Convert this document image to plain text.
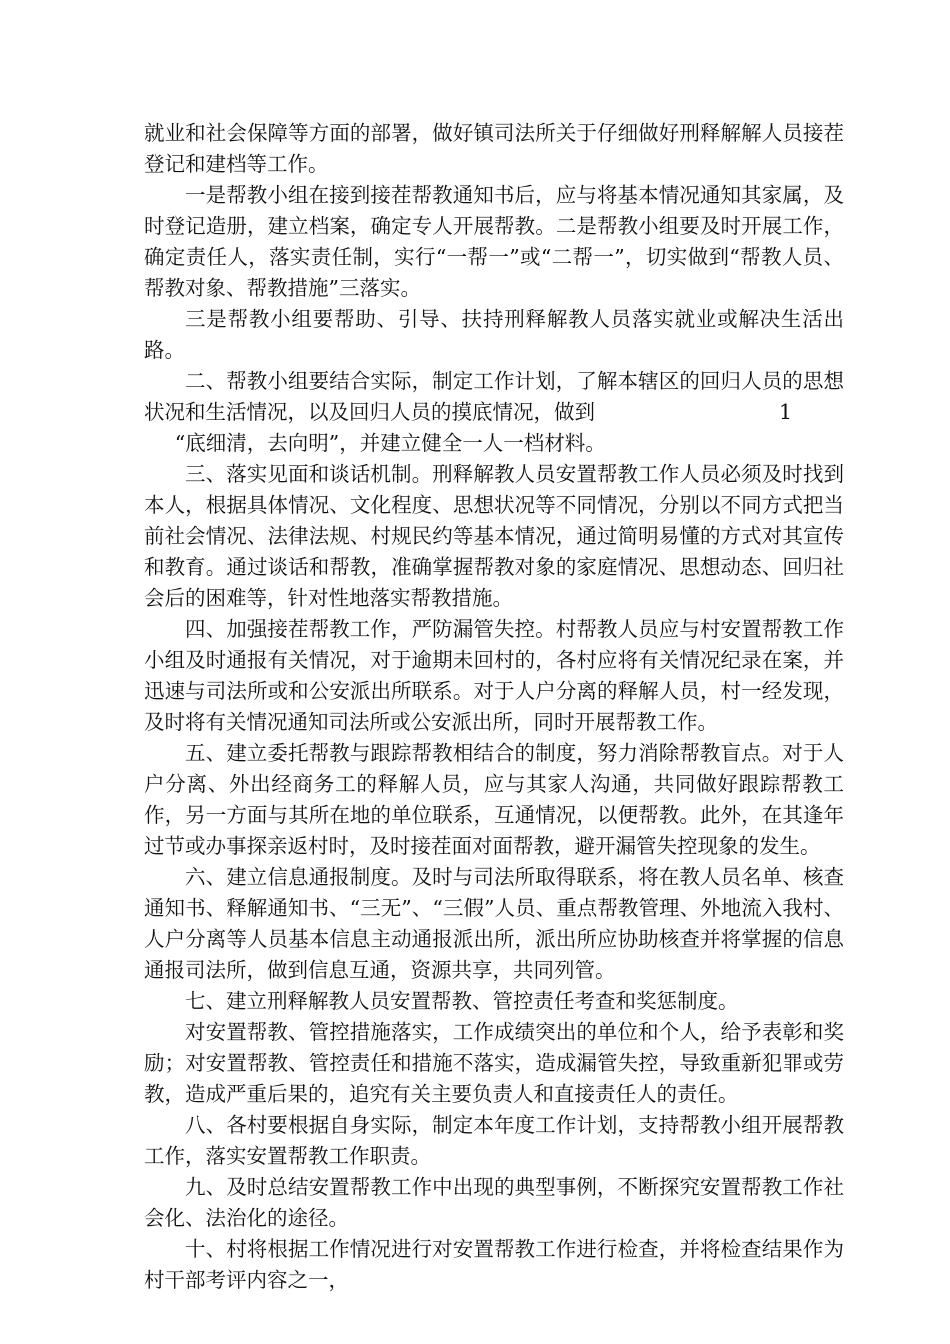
就业和社会保障等方面的部署，做好镇司法所关于仔细做好刑释解解人员接茬登记和建档等工作。

一是帮教小组在接到接茬帮教通知书后，应与将基本情况通知其家属，及时登记造册，建立档案，确定专人开展帮教。二是帮教小组要及时开展工作，确定责任人，落实责任制，实行“一帮一”或“二帮一”，切实做到“帮教人员、帮教对象、帮教措施”三落实。

三是帮教小组要帮助、引导、扶持刑释解教人员落实就业或解决生活出路。

二、帮教小组要结合实际，制定工作计划，了解本辖区的回归人员的思想状况和生活情况，以及回归人员的摸底情况，做到	1

“底细清，去向明”，并建立健全一人一档材料。

三、落实见面和谈话机制。刑释解教人员安置帮教工作人员必须及时找到本人，根据具体情况、文化程度、思想状况等不同情况，分别以不同方式把当前社会情况、法律法规、村规民约等基本情况，通过简明易懂的方式对其宣传和教育。通过谈话和帮教，准确掌握帮教对象的家庭情况、思想动态、回归社会后的困难等，针对性地落实帮教措施。

四、加强接茬帮教工作，严防漏管失控。村帮教人员应与村安置帮教工作小组及时通报有关情况，对于逾期未回村的，各村应将有关情况纪录在案，并迅速与司法所或和公安派出所联系。对于人户分离的释解人员，村一经发现，及时将有关情况通知司法所或公安派出所，同时开展帮教工作。

五、建立委托帮教与跟踪帮教相结合的制度，努力消除帮教盲点。对于人户分离、外出经商务工的释解人员，应与其家人沟通，共同做好跟踪帮教工作，另一方面与其所在地的单位联系，互通情况，以便帮教。此外，在其逢年过节或办事探亲返村时，及时接茬面对面帮教，避开漏管失控现象的发生。

六、建立信息通报制度。及时与司法所取得联系，将在教人员名单、核查通知书、释解通知书、“三无”、“三假”人员、重点帮教管理、外地流入我村、人户分离等人员基本信息主动通报派出所，派出所应协助核查并将掌握的信息通报司法所，做到信息互通，资源共享，共同列管。

七、建立刑释解教人员安置帮教、管控责任考查和奖惩制度。

对安置帮教、管控措施落实，工作成绩突出的单位和个人，给予表彰和奖励；对安置帮教、管控责任和措施不落实，造成漏管失控，导致重新犯罪或劳教，造成严重后果的，追究有关主要负责人和直接责任人的责任。

八、各村要根据自身实际，制定本年度工作计划，支持帮教小组开展帮教工作，落实安置帮教工作职责。

九、及时总结安置帮教工作中出现的典型事例，不断探究安置帮教工作社会化、法治化的途径。

十、村将根据工作情况进行对安置帮教工作进行检查，并将检查结果作为村干部考评内容之一，
